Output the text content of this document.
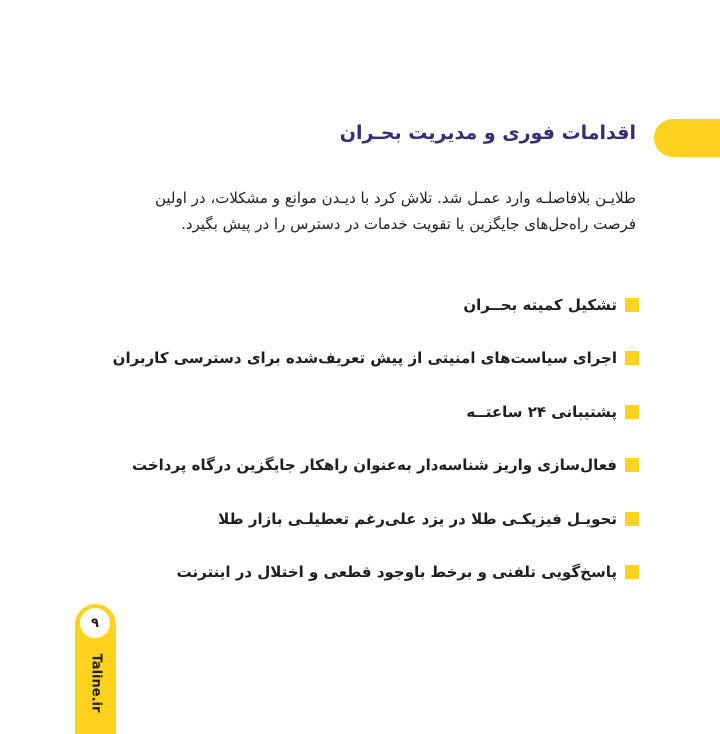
اقدامات فوری و مدیریت بحـران

طلایـن بلافاصلـه وارد عمـل شد. تلاش کرد با دیـدن موانع و مشکلات، در اولین فرصت راه‌حل‌های جایگزین یا تقویت خدمات در دسترس را در پیش بگیرد.

تشکیل کمیته بحــران
اجرای سیاست‌های امنیتی از پیش تعریف‌شده برای دسترسی کاربران
پشتیبانی ۲۴ ساعتــه
فعال‌سازی واریز شناسه‌دار به‌عنوان راهکار جایگزین درگاه پرداخت
تحویـل فیزیکـی طلا در یزد علی‌رغم تعطیلـی بازار طلا
پاسخ‌گویی تلفنی و برخط باوجود قطعی و اختلال در اینترنت
۹
Taline.ir
